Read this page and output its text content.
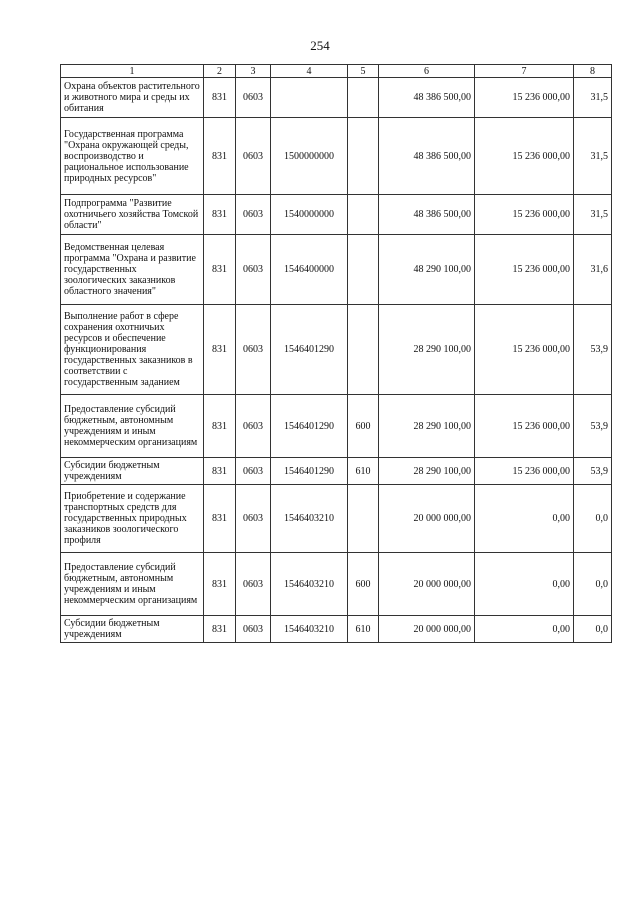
254
1	2	3	4	5	6	7	8
Охрана объектов растительного и животного мира и среды их обитания	831	0603			48 386 500,00	15 236 000,00	31,5
Государственная программа "Охрана окружающей среды, воспроизводство и рациональное использование природных ресурсов"	831	0603	1500000000		48 386 500,00	15 236 000,00	31,5
Подпрограмма "Развитие охотничьего хозяйства Томской области"	831	0603	1540000000		48 386 500,00	15 236 000,00	31,5
Ведомственная целевая программа "Охрана и развитие государственных зоологических заказников областного значения"	831	0603	1546400000		48 290 100,00	15 236 000,00	31,6
Выполнение работ в сфере сохранения охотничьих ресурсов и обеспечение функционирования государственных заказников в соответствии с государственным заданием	831	0603	1546401290		28 290 100,00	15 236 000,00	53,9
Предоставление субсидий бюджетным, автономным учреждениям и иным некоммерческим организациям	831	0603	1546401290	600	28 290 100,00	15 236 000,00	53,9
Субсидии бюджетным учреждениям	831	0603	1546401290	610	28 290 100,00	15 236 000,00	53,9
Приобретение и содержание транспортных средств для государственных природных заказников зоологического профиля	831	0603	1546403210		20 000 000,00	0,00	0,0
Предоставление субсидий бюджетным, автономным учреждениям и иным некоммерческим организациям	831	0603	1546403210	600	20 000 000,00	0,00	0,0
Субсидии бюджетным учреждениям	831	0603	1546403210	610	20 000 000,00	0,00	0,0
